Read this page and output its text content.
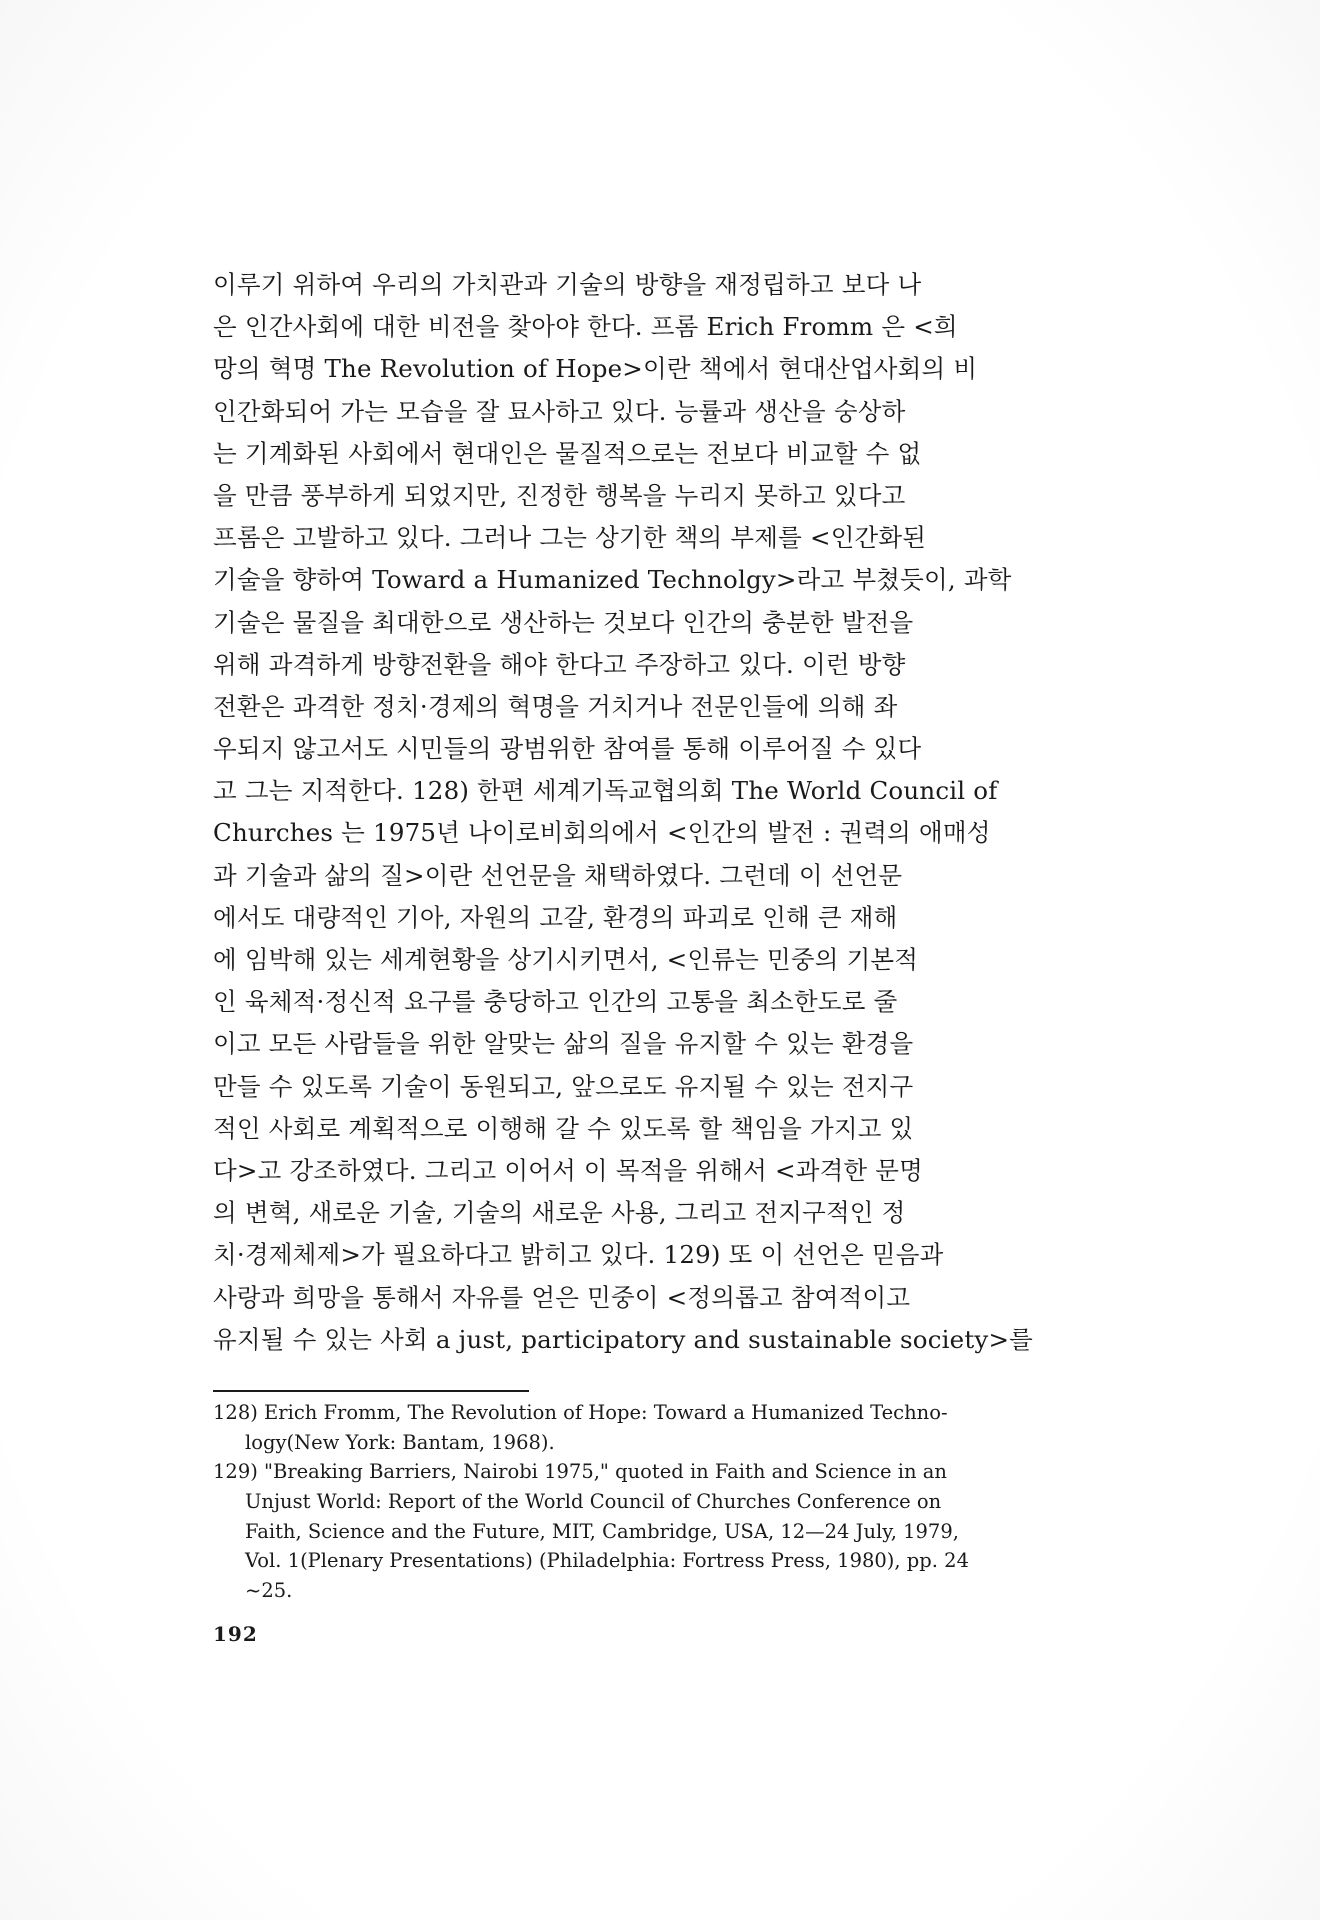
이루기 위하여 우리의 가치관과 기술의 방향을 재정립하고 보다 나
은 인간사회에 대한 비전을 찾아야 한다. 프롬 Erich Fromm 은 <희
망의 혁명 The Revolution of Hope>이란 책에서 현대산업사회의 비
인간화되어 가는 모습을 잘 묘사하고 있다. 능률과 생산을 숭상하
는 기계화된 사회에서 현대인은 물질적으로는 전보다 비교할 수 없
을 만큼 풍부하게 되었지만, 진정한 행복을 누리지 못하고 있다고
프롬은 고발하고 있다. 그러나 그는 상기한 책의 부제를 <인간화된
기술을 향하여 Toward a Humanized Technolgy>라고 부쳤듯이, 과학
기술은 물질을 최대한으로 생산하는 것보다 인간의 충분한 발전을
위해 과격하게 방향전환을 해야 한다고 주장하고 있다. 이런 방향
전환은 과격한 정치·경제의 혁명을 거치거나 전문인들에 의해 좌
우되지 않고서도 시민들의 광범위한 참여를 통해 이루어질 수 있다
고 그는 지적한다. 128) 한편 세계기독교협의회 The World Council of
Churches 는 1975년 나이로비회의에서 <인간의 발전 : 권력의 애매성
과 기술과 삶의 질>이란 선언문을 채택하였다. 그런데 이 선언문
에서도 대량적인 기아, 자원의 고갈, 환경의 파괴로 인해 큰 재해
에 임박해 있는 세계현황을 상기시키면서, <인류는 민중의 기본적
인 육체적·정신적 요구를 충당하고 인간의 고통을 최소한도로 줄
이고 모든 사람들을 위한 알맞는 삶의 질을 유지할 수 있는 환경을
만들 수 있도록 기술이 동원되고, 앞으로도 유지될 수 있는 전지구
적인 사회로 계획적으로 이행해 갈 수 있도록 할 책임을 가지고 있
다>고 강조하였다. 그리고 이어서 이 목적을 위해서 <과격한 문명
의 변혁, 새로운 기술, 기술의 새로운 사용, 그리고 전지구적인 정
치·경제체제>가 필요하다고 밝히고 있다. 129) 또 이 선언은 믿음과
사랑과 희망을 통해서 자유를 얻은 민중이 <정의롭고 참여적이고
유지될 수 있는 사회 a just, participatory and sustainable society>를
128) Erich Fromm, The Revolution of Hope: Toward a Humanized Techno-
logy(New York: Bantam, 1968).
129) "Breaking Barriers, Nairobi 1975," quoted in Faith and Science in an
Unjust World: Report of the World Council of Churches Conference on
Faith, Science and the Future, MIT, Cambridge, USA, 12—24 July, 1979,
Vol. 1(Plenary Presentations) (Philadelphia: Fortress Press, 1980), pp. 24
~25.
192
